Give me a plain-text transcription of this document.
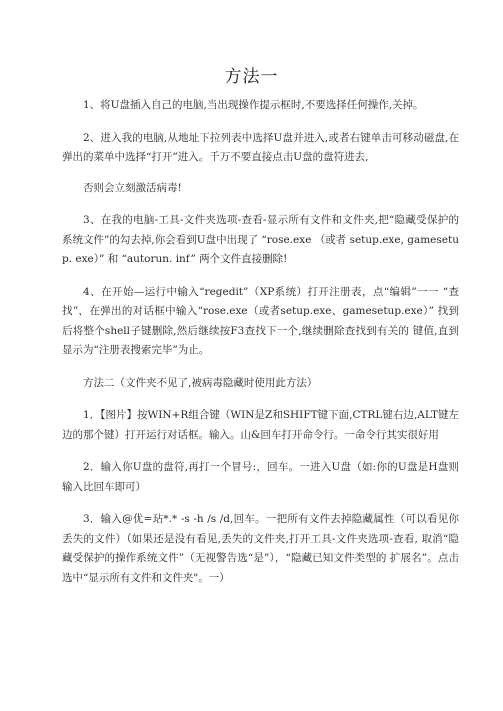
方法一

1、将U盘插入自己的电脑,当出现操作提示框时,不要选择任何操作,关掉。

2、进入我的电脑,从地址下拉列表中选择U盘并进入,或者右键单击可移动磁盘,在弹出的菜单中选择“打开”进入。千万不要直接点击U盘的盘符进去,

否则会立刻激活病毒!

3、在我的电脑-工具-文件夹选项-查看-显示所有文件和文件夹,把“隐藏受保护的系统文件”的勾去掉,你会看到U盘中出现了 “rose.exe （或者 setup.exe, gamesetup. exe）” 和 “autorun. inf” 两个文件直接删除!

4、在开始—运行中输入“regedit”（XP系统）打开注册表，点“编辑”一一 “查找”，在弹出的对话框中输入“rose.exe（或者setup.exe、gamesetup.exe）” 找到后将整个shell子键删除,然后继续按F3查找下一个,继续删除查找到有关的 键值,直到显示为“注册表搜索完毕”为止。

方法二（文件夹不见了,被病毒隐藏时使用此方法）

1．【图片】按WIN+R组合键（WIN是Z和SHIFT键下面,CTRL键右边,ALT键左 边的那个键）打开运行对话框。输入。山&回车打开命令行。一命令行其实很好用

2．输入你U盘的盘符,再打一个冒号:，回车。一进入U盘（如:你的U盘是H盘则输入比回车即可）

3．输入@优=玷*.* -s -h /s /d,回车。一把所有文件去掉隐藏属性（可以看见你丢失的文件）（如果还是没有看见,丢失的文件夹,打开工具-文件夹选项-查看, 取消“隐藏受保护的操作系统文件”（无视警告选“是”），“隐藏已知文件类型的 扩展名”。点击选中“显示所有文件和文件夹"。一）
